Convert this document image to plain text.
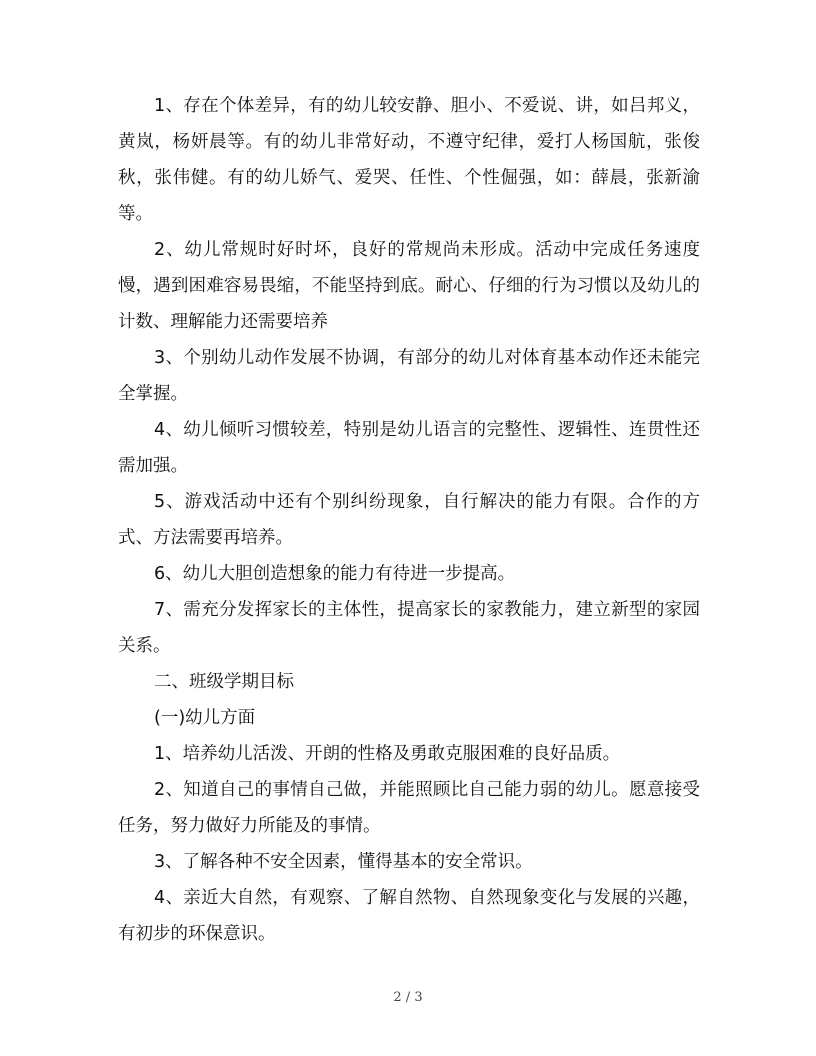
1、存在个体差异，有的幼儿较安静、胆小、不爱说、讲，如吕邦义，黄岚，杨妍晨等。有的幼儿非常好动，不遵守纪律，爱打人杨国航，张俊秋，张伟健。有的幼儿娇气、爱哭、任性、个性倔强，如：薛晨，张新渝等。

2、幼儿常规时好时坏，良好的常规尚未形成。活动中完成任务速度慢，遇到困难容易畏缩，不能坚持到底。耐心、仔细的行为习惯以及幼儿的计数、理解能力还需要培养

3、个别幼儿动作发展不协调，有部分的幼儿对体育基本动作还未能完全掌握。

4、幼儿倾听习惯较差，特别是幼儿语言的完整性、逻辑性、连贯性还需加强。

5、游戏活动中还有个别纠纷现象，自行解决的能力有限。合作的方式、方法需要再培养。

6、幼儿大胆创造想象的能力有待进一步提高。

7、需充分发挥家长的主体性，提高家长的家教能力，建立新型的家园关系。

二、班级学期目标

(一)幼儿方面

1、培养幼儿活泼、开朗的性格及勇敢克服困难的良好品质。

2、知道自己的事情自己做，并能照顾比自己能力弱的幼儿。愿意接受任务，努力做好力所能及的事情。

3、了解各种不安全因素，懂得基本的安全常识。

4、亲近大自然，有观察、了解自然物、自然现象变化与发展的兴趣，有初步的环保意识。

2 / 3
